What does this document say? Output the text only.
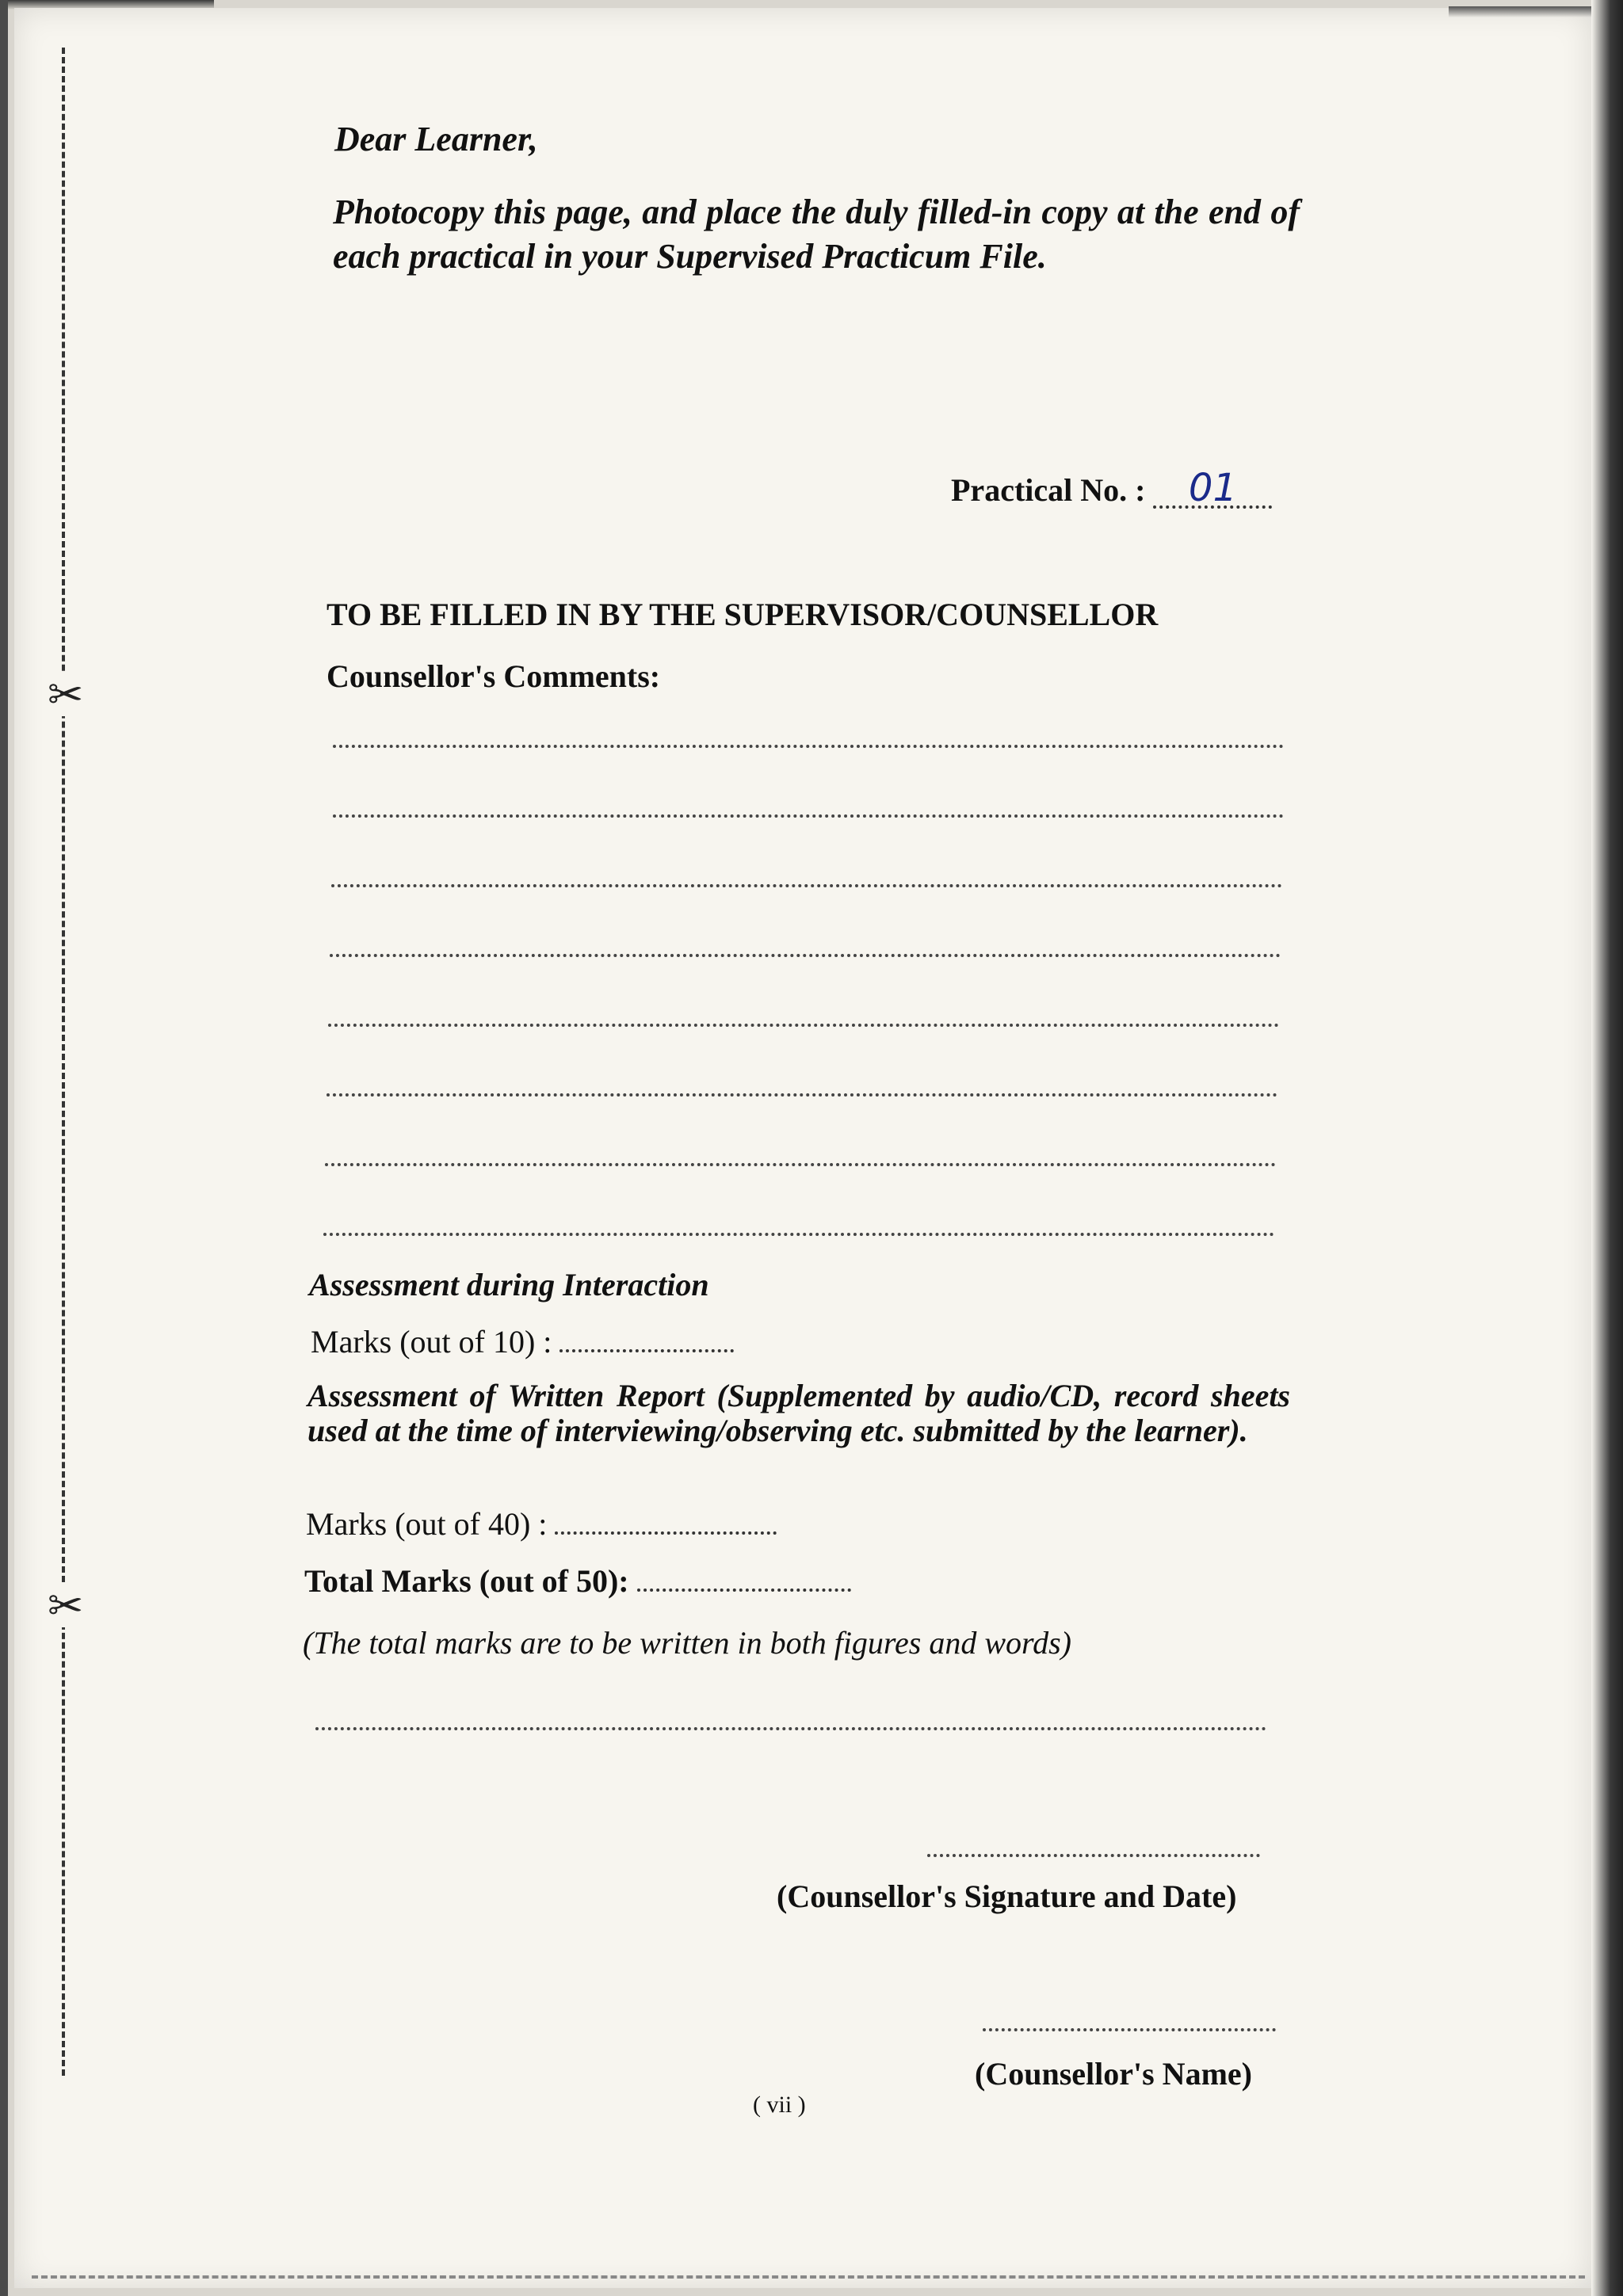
✂
✂
Dear Learner,
Photocopy this page, and place the duly filled-in copy at the end of each practical in your Supervised Practicum File.
Practical No. : 01
TO BE FILLED IN BY THE SUPERVISOR/COUNSELLOR
Counsellor's Comments:
Assessment during Interaction
Marks (out of 10) :
Assessment of Written Report (Supplemented by audio/CD, record sheets used at the time of interviewing/observing etc. submitted by the learner).
Marks (out of 40) :
Total Marks (out of 50):
(The total marks are to be written in both figures and words)
(Counsellor's Signature and Date)
(Counsellor's Name)
( vii )
